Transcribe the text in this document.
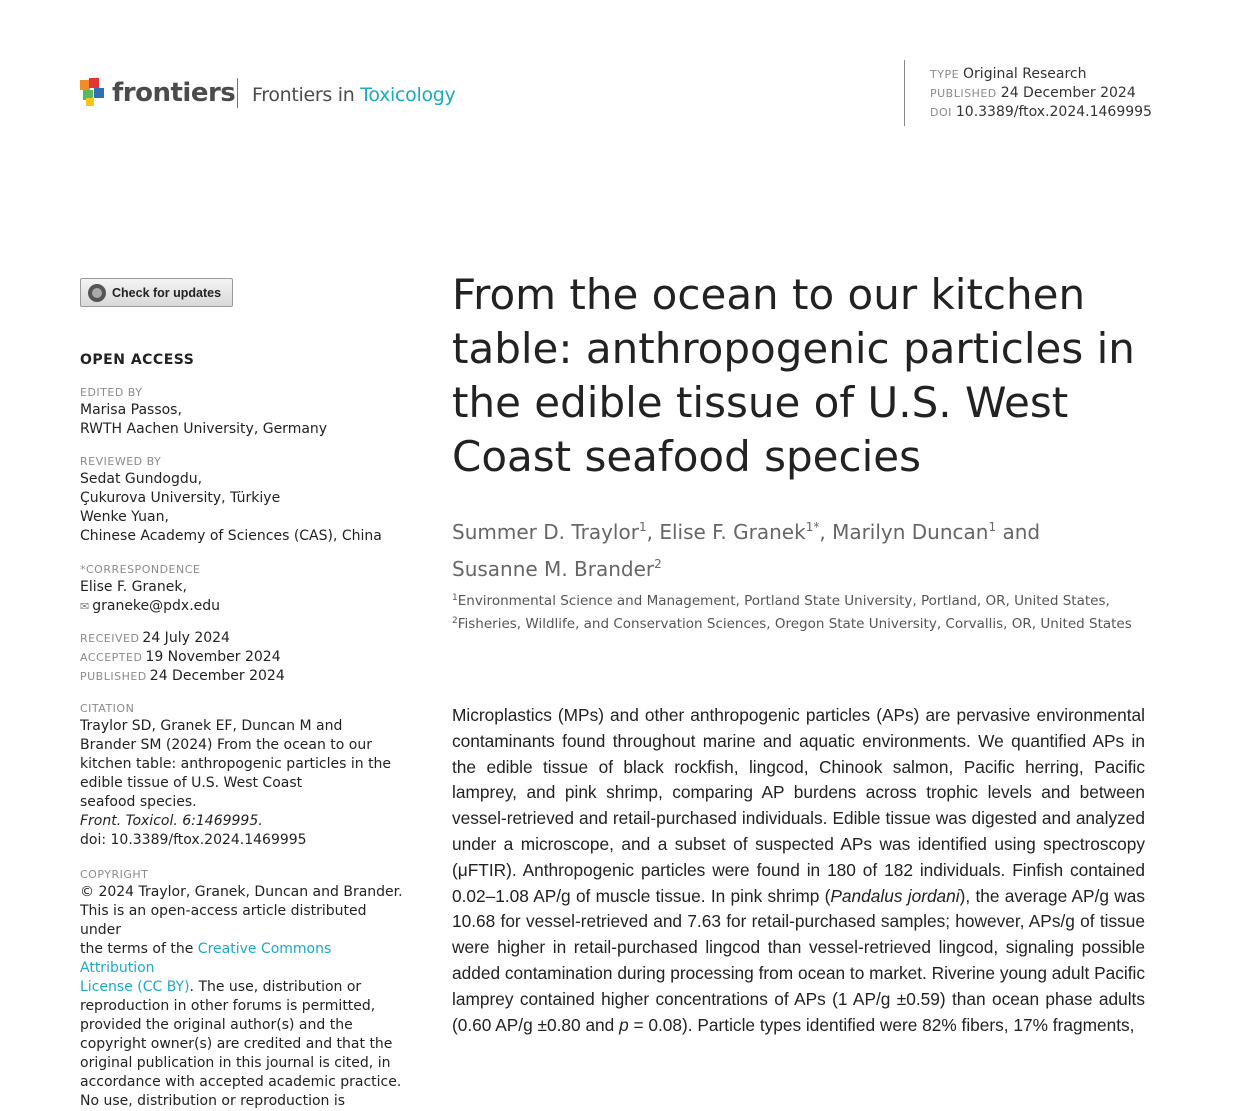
frontiers Frontiers in Toxicology
TYPE Original Research
PUBLISHED 24 December 2024
DOI 10.3389/ftox.2024.1469995
Check for updates
OPEN ACCESS
EDITED BY
Marisa Passos,
RWTH Aachen University, Germany
REVIEWED BY
Sedat Gundogdu,
Çukurova University, Türkiye
Wenke Yuan,
Chinese Academy of Sciences (CAS), China
*CORRESPONDENCE
Elise F. Granek,
✉ graneke@pdx.edu
RECEIVED 24 July 2024
ACCEPTED 19 November 2024
PUBLISHED 24 December 2024
CITATION
Traylor SD, Granek EF, Duncan M and
Brander SM (2024) From the ocean to our
kitchen table: anthropogenic particles in the
edible tissue of U.S. West Coast
seafood species.
Front. Toxicol. 6:1469995.
doi: 10.3389/ftox.2024.1469995
COPYRIGHT
© 2024 Traylor, Granek, Duncan and Brander.
This is an open-access article distributed under
the terms of the Creative Commons Attribution
License (CC BY). The use, distribution or
reproduction in other forums is permitted,
provided the original author(s) and the
copyright owner(s) are credited and that the
original publication in this journal is cited, in
accordance with accepted academic practice.
No use, distribution or reproduction is
From the ocean to our kitchen table: anthropogenic particles in the edible tissue of U.S. West Coast seafood species
Summer D. Traylor$^1$, Elise F. Granek$^{1*}$, Marilyn Duncan$^1$ and
Susanne M. Brander$^2$
$^1$Environmental Science and Management, Portland State University, Portland, OR, United States,
$^2$Fisheries, Wildlife, and Conservation Sciences, Oregon State University, Corvallis, OR, United States
Microplastics (MPs) and other anthropogenic particles (APs) are pervasive environmental contaminants found throughout marine and aquatic environments. We quantified APs in the edible tissue of black rockfish, lingcod, Chinook salmon, Pacific herring, Pacific lamprey, and pink shrimp, comparing AP burdens across trophic levels and between vessel-retrieved and retail-purchased individuals. Edible tissue was digested and analyzed under a microscope, and a subset of suspected APs was identified using spectroscopy (μFTIR). Anthropogenic particles were found in 180 of 182 individuals. Finfish contained 0.02–1.08 AP/g of muscle tissue. In pink shrimp (Pandalus jordani), the average AP/g was 10.68 for vessel-retrieved and 7.63 for retail-purchased samples; however, APs/g of tissue were higher in retail-purchased lingcod than vessel-retrieved lingcod, signaling possible added contamination during processing from ocean to market. Riverine young adult Pacific lamprey contained higher concentrations of APs (1 AP/g ±0.59) than ocean phase adults (0.60 AP/g ±0.80 and p = 0.08). Particle types identified were 82% fibers, 17% fragments,
